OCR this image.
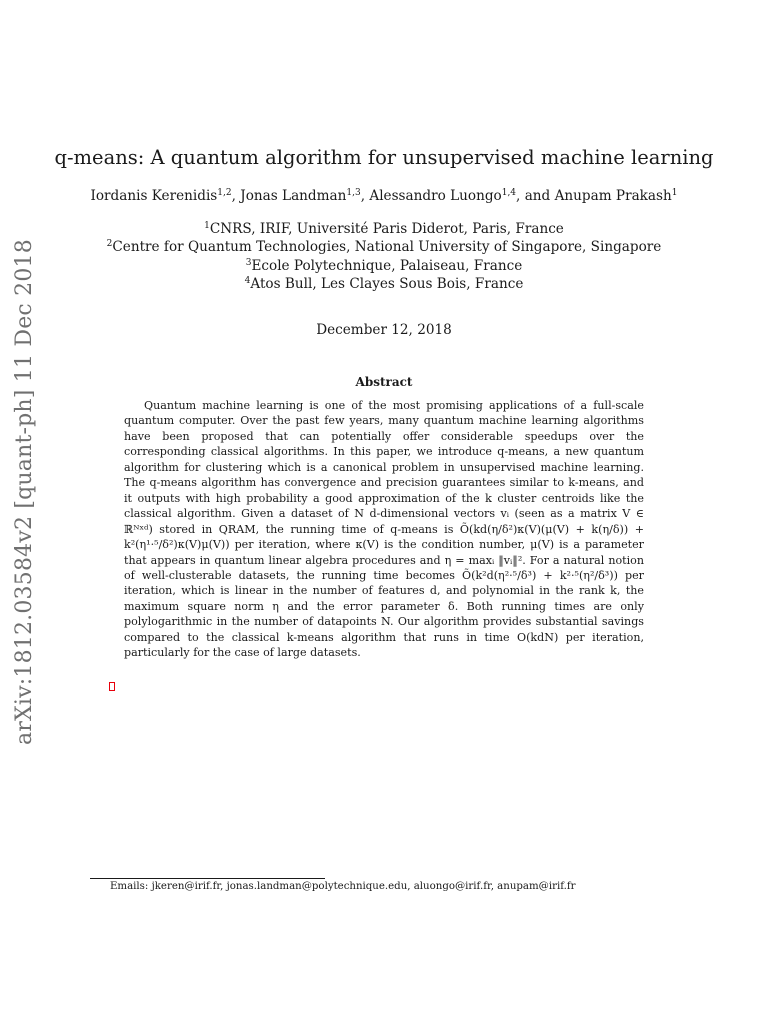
arXiv:1812.03584v2 [quant-ph] 11 Dec 2018
q-means: A quantum algorithm for unsupervised machine learning
Iordanis Kerenidis$^{1,2}$, Jonas Landman$^{1,3}$, Alessandro Luongo$^{1,4}$, and Anupam Prakash$^1$
$^1$CNRS, IRIF, Université Paris Diderot, Paris, France
$^2$Centre for Quantum Technologies, National University of Singapore, Singapore
$^3$Ecole Polytechnique, Palaiseau, France
$^4$Atos Bull, Les Clayes Sous Bois, France
December 12, 2018
Abstract

Quantum machine learning is one of the most promising applications of a full-scale quantum computer. Over the past few years, many quantum machine learning algorithms have been proposed that can potentially offer considerable speedups over the corresponding classical algorithms. In this paper, we introduce q-means, a new quantum algorithm for clustering which is a canonical problem in unsupervised machine learning. The q-means algorithm has convergence and precision guarantees similar to k-means, and it outputs with high probability a good approximation of the k cluster centroids like the classical algorithm. Given a dataset of N d-dimensional vectors vᵢ (seen as a matrix V ∈ ℝᴺˣᵈ) stored in QRAM, the running time of q-means is Õ(kd(η/δ²)κ(V)(μ(V) + k(η/δ)) + k²(η¹·⁵/δ²)κ(V)μ(V)) per iteration, where κ(V) is the condition number, μ(V) is a parameter that appears in quantum linear algebra procedures and η = maxᵢ ‖vᵢ‖². For a natural notion of well-clusterable datasets, the running time becomes Õ(k²d(η²·⁵/δ³) + k²·⁵(η²/δ³)) per iteration, which is linear in the number of features d, and polynomial in the rank k, the maximum square norm η and the error parameter δ. Both running times are only polylogarithmic in the number of datapoints N. Our algorithm provides substantial savings compared to the classical k-means algorithm that runs in time O(kdN) per iteration, particularly for the case of large datasets.

Emails: jkeren@irif.fr, jonas.landman@polytechnique.edu, aluongo@irif.fr, anupam@irif.fr
